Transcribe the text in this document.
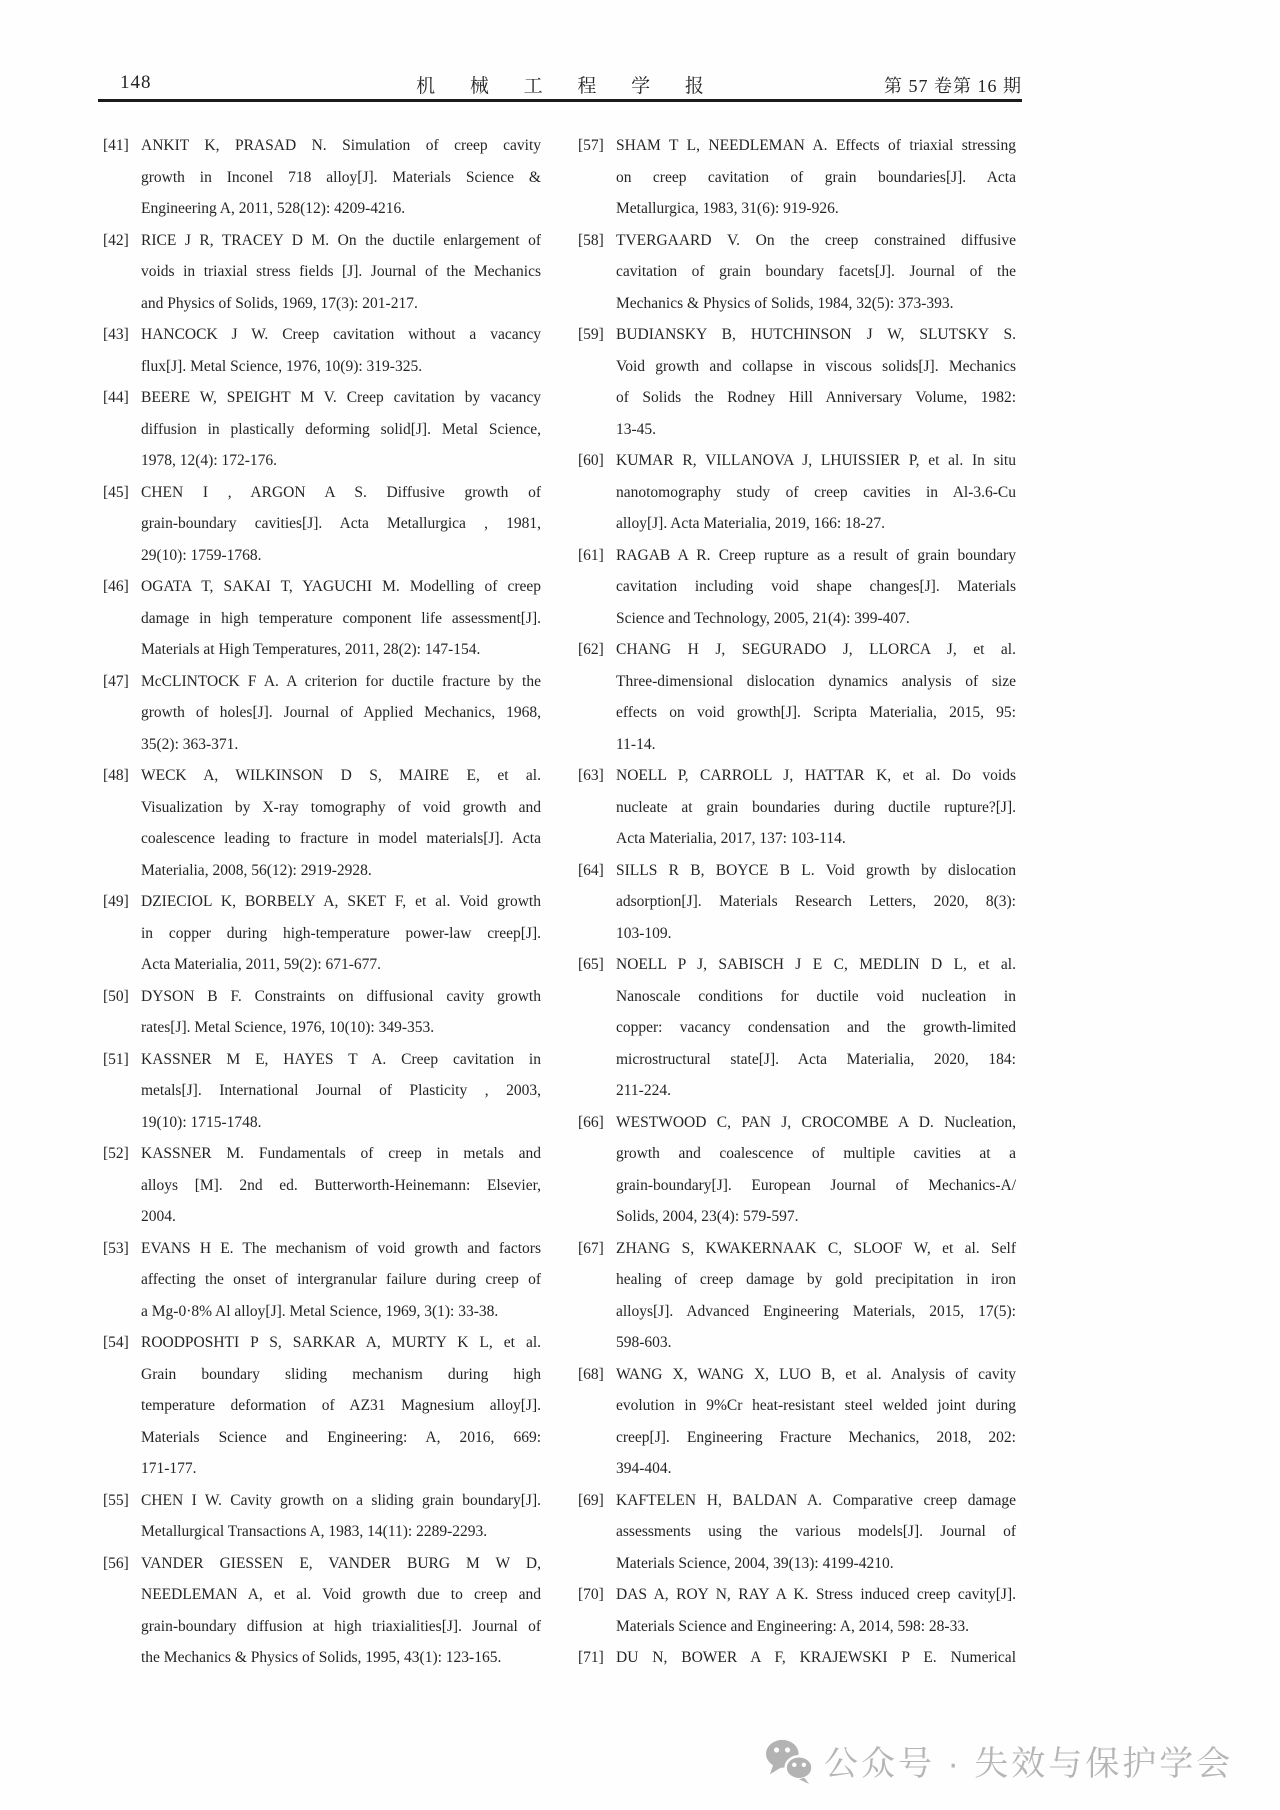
148	机 械 工 程 学 报	第 57 卷第 16 期
[41] ANKIT K, PRASAD N. Simulation of creep cavity
growth in Inconel 718 alloy[J]. Materials Science &
Engineering A, 2011, 528(12): 4209-4216.
[42] RICE J R, TRACEY D M. On the ductile enlargement of
voids in triaxial stress fields [J]. Journal of the Mechanics
and Physics of Solids, 1969, 17(3): 201-217.
[43] HANCOCK J W. Creep cavitation without a vacancy
flux[J]. Metal Science, 1976, 10(9): 319-325.
[44] BEERE W, SPEIGHT M V. Creep cavitation by vacancy
diffusion in plastically deforming solid[J]. Metal Science,
1978, 12(4): 172-176.
[45] CHEN I , ARGON A S. Diffusive growth of
grain-boundary cavities[J]. Acta Metallurgica , 1981,
29(10): 1759-1768.
[46] OGATA T, SAKAI T, YAGUCHI M. Modelling of creep
damage in high temperature component life assessment[J].
Materials at High Temperatures, 2011, 28(2): 147-154.
[47] McCLINTOCK F A. A criterion for ductile fracture by the
growth of holes[J]. Journal of Applied Mechanics, 1968,
35(2): 363-371.
[48] WECK A, WILKINSON D S, MAIRE E, et al.
Visualization by X-ray tomography of void growth and
coalescence leading to fracture in model materials[J]. Acta
Materialia, 2008, 56(12): 2919-2928.
[49] DZIECIOL K, BORBELY A, SKET F, et al. Void growth
in copper during high-temperature power-law creep[J].
Acta Materialia, 2011, 59(2): 671-677.
[50] DYSON B F. Constraints on diffusional cavity growth
rates[J]. Metal Science, 1976, 10(10): 349-353.
[51] KASSNER M E, HAYES T A. Creep cavitation in
metals[J]. International Journal of Plasticity , 2003,
19(10): 1715-1748.
[52] KASSNER M. Fundamentals of creep in metals and
alloys [M]. 2nd ed. Butterworth-Heinemann: Elsevier,
2004.
[53] EVANS H E. The mechanism of void growth and factors
affecting the onset of intergranular failure during creep of
a Mg-0·8% Al alloy[J]. Metal Science, 1969, 3(1): 33-38.
[54] ROODPOSHTI P S, SARKAR A, MURTY K L, et al.
Grain boundary sliding mechanism during high
temperature deformation of AZ31 Magnesium alloy[J].
Materials Science and Engineering: A, 2016, 669:
171-177.
[55] CHEN I W. Cavity growth on a sliding grain boundary[J].
Metallurgical Transactions A, 1983, 14(11): 2289-2293.
[56] VANDER GIESSEN E, VANDER BURG M W D,
NEEDLEMAN A, et al. Void growth due to creep and
grain-boundary diffusion at high triaxialities[J]. Journal of
the Mechanics & Physics of Solids, 1995, 43(1): 123-165.
[57] SHAM T L, NEEDLEMAN A. Effects of triaxial stressing
on creep cavitation of grain boundaries[J]. Acta
Metallurgica, 1983, 31(6): 919-926.
[58] TVERGAARD V. On the creep constrained diffusive
cavitation of grain boundary facets[J]. Journal of the
Mechanics & Physics of Solids, 1984, 32(5): 373-393.
[59] BUDIANSKY B, HUTCHINSON J W, SLUTSKY S.
Void growth and collapse in viscous solids[J]. Mechanics
of Solids the Rodney Hill Anniversary Volume, 1982:
13-45.
[60] KUMAR R, VILLANOVA J, LHUISSIER P, et al. In situ
nanotomography study of creep cavities in Al-3.6-Cu
alloy[J]. Acta Materialia, 2019, 166: 18-27.
[61] RAGAB A R. Creep rupture as a result of grain boundary
cavitation including void shape changes[J]. Materials
Science and Technology, 2005, 21(4): 399-407.
[62] CHANG H J, SEGURADO J, LLORCA J, et al.
Three-dimensional dislocation dynamics analysis of size
effects on void growth[J]. Scripta Materialia, 2015, 95:
11-14.
[63] NOELL P, CARROLL J, HATTAR K, et al. Do voids
nucleate at grain boundaries during ductile rupture?[J].
Acta Materialia, 2017, 137: 103-114.
[64] SILLS R B, BOYCE B L. Void growth by dislocation
adsorption[J]. Materials Research Letters, 2020, 8(3):
103-109.
[65] NOELL P J, SABISCH J E C, MEDLIN D L, et al.
Nanoscale conditions for ductile void nucleation in
copper: vacancy condensation and the growth-limited
microstructural state[J]. Acta Materialia, 2020, 184:
211-224.
[66] WESTWOOD C, PAN J, CROCOMBE A D. Nucleation,
growth and coalescence of multiple cavities at a
grain-boundary[J]. European Journal of Mechanics-A/
Solids, 2004, 23(4): 579-597.
[67] ZHANG S, KWAKERNAAK C, SLOOF W, et al. Self
healing of creep damage by gold precipitation in iron
alloys[J]. Advanced Engineering Materials, 2015, 17(5):
598-603.
[68] WANG X, WANG X, LUO B, et al. Analysis of cavity
evolution in 9%Cr heat-resistant steel welded joint during
creep[J]. Engineering Fracture Mechanics, 2018, 202:
394-404.
[69] KAFTELEN H, BALDAN A. Comparative creep damage
assessments using the various models[J]. Journal of
Materials Science, 2004, 39(13): 4199-4210.
[70] DAS A, ROY N, RAY A K. Stress induced creep cavity[J].
Materials Science and Engineering: A, 2014, 598: 28-33.
[71] DU N, BOWER A F, KRAJEWSKI P E. Numerical
公众号 · 失效与保护学会
